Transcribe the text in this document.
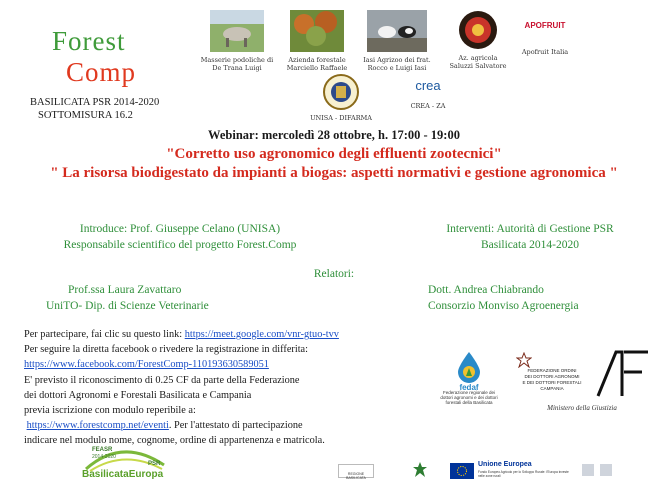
Forest
Comp
BASILICATA PSR 2014-2020
SOTTOMISURA 16.2
Masserie podoliche di De Trana Luigi
Azienda forestale Marciello Raffaele
Iasi Agrizoo dei frat. Rocco e Luigi Iasi
Az. agricola Saluzzi Salvatore
APOFRUIT
Apofruit Italia
UNISA - DIFARMA
crea
CREA - ZA
Webinar: mercoledì 28 ottobre, h. 17:00 - 19:00
"Corretto uso agronomico degli effluenti zootecnici"
" La risorsa biodigestato da impianti a biogas: aspetti normativi e gestione agronomica "
Introduce: Prof. Giuseppe Celano (UNISA)
Responsabile scientifico del progetto Forest.Comp
Interventi: Autorità di Gestione PSR
Basilicata 2014-2020
Relatori:
Prof.ssa Laura Zavattaro
UniTO- Dip. di Scienze Veterinarie
Dott. Andrea Chiabrando
Consorzio Monviso Agroenergia
Per partecipare, fai clic su questo link: https://meet.google.com/vnr-gtuo-tvv
Per seguire la diretta facebook o rivedere la registrazione in differita:
https://www.facebook.com/ForestComp-110193630589051
E' previsto il riconoscimento di 0.25 CF da parte della Federazione
dei dottori Agronomi e Forestali Basilicata e Campania
previa iscrizione con modulo reperibile a:
https://www.forestcomp.net/eventi. Per l'attestato di partecipazione
indicare nel modulo nome, cognome, ordine di appartenenza e matricola.
fedaf
Federazione regionale dei dottori agronomi e dei dottori forestali della Basilicata
FEDERAZIONE ORDINI
DEI DOTTORI AGRONOMI
E DEI DOTTORI FORESTALI
CAMPANIA
Ministero della Giustizia
FEASR
2014-2020
PSR
BasilicataEuropa	REGIONE BASILICATA
Unione Europea
Fondo Europeo Agricolo per lo Sviluppo Rurale: l'Europa investe nelle zone rurali
